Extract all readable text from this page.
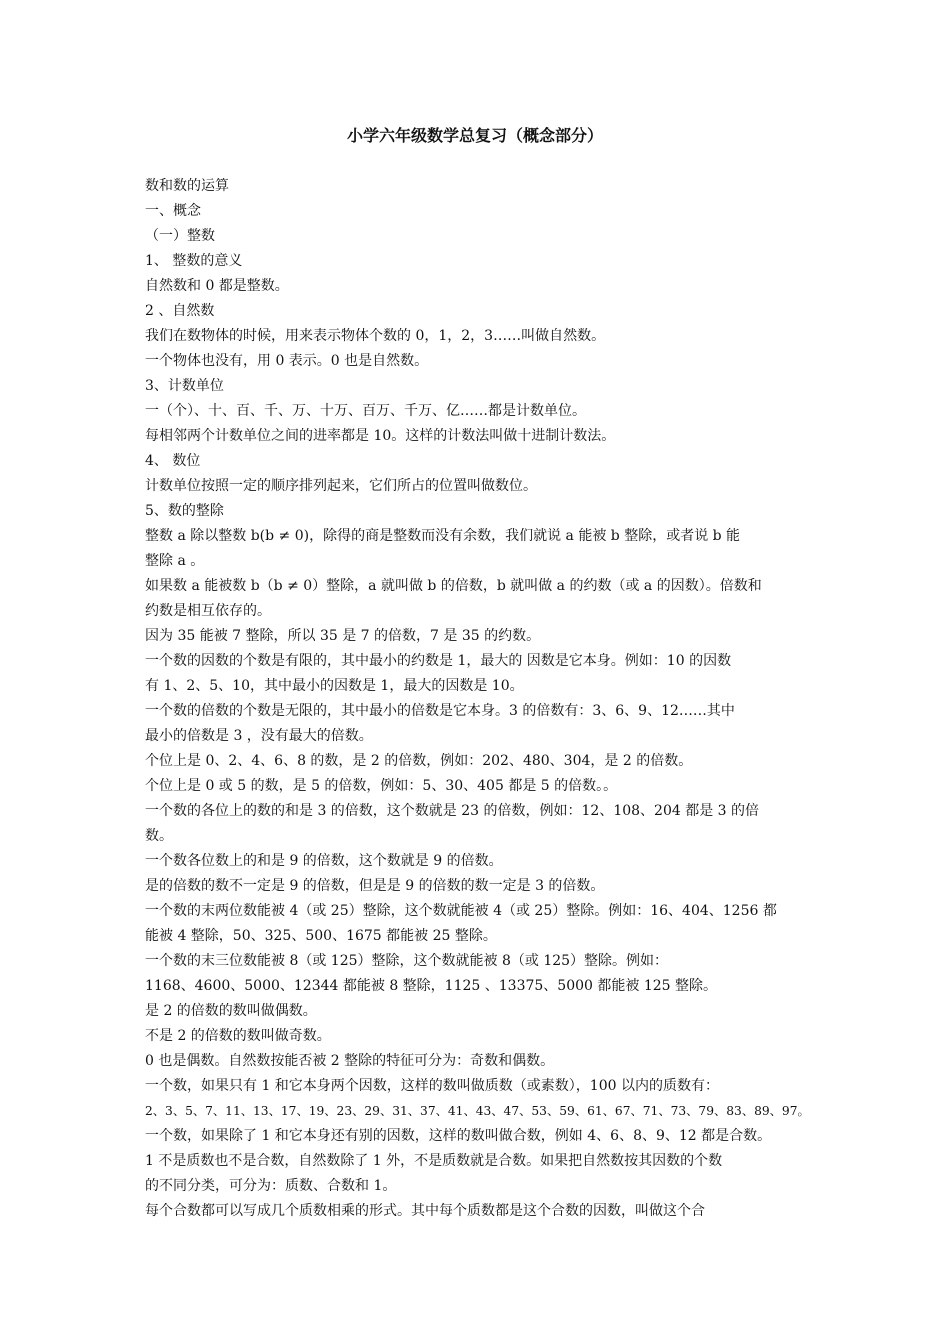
小学六年级数学总复习（概念部分）

数和数的运算

一、概念

（一）整数

1、 整数的意义

自然数和 0 都是整数。

2 、自然数

我们在数物体的时候，用来表示物体个数的 0，1，2，3……叫做自然数。

一个物体也没有，用 0 表示。0 也是自然数。

3、计数单位

一（个）、十、百、千、万、十万、百万、千万、亿……都是计数单位。

每相邻两个计数单位之间的进率都是 10。这样的计数法叫做十进制计数法。

4、 数位

计数单位按照一定的顺序排列起来，它们所占的位置叫做数位。

5、数的整除

整数 a 除以整数 b(b ≠ 0)，除得的商是整数而没有余数，我们就说 a 能被 b 整除，或者说 b 能

整除 a 。

如果数 a 能被数 b（b ≠ 0）整除，a 就叫做 b 的倍数，b 就叫做 a 的约数（或 a 的因数）。倍数和

约数是相互依存的。

因为 35 能被 7 整除，所以 35 是 7 的倍数，7 是 35 的约数。

一个数的因数的个数是有限的，其中最小的约数是 1，最大的 因数是它本身。例如：10 的因数

有 1、2、5、10，其中最小的因数是 1，最大的因数是 10。

一个数的倍数的个数是无限的，其中最小的倍数是它本身。3 的倍数有：3、6、9、12……其中

最小的倍数是 3 ，没有最大的倍数。

个位上是 0、2、4、6、8 的数，是 2 的倍数，例如：202、480、304，是 2 的倍数。

个位上是 0 或 5 的数，是 5 的倍数，例如：5、30、405 都是 5 的倍数。。

一个数的各位上的数的和是 3 的倍数，这个数就是 23 的倍数，例如：12、108、204 都是 3 的倍

数。

一个数各位数上的和是 9 的倍数，这个数就是 9 的倍数。

是的倍数的数不一定是 9 的倍数，但是是 9 的倍数的数一定是 3 的倍数。

一个数的末两位数能被 4（或 25）整除，这个数就能被 4（或 25）整除。例如：16、404、1256 都

能被 4 整除，50、325、500、1675 都能被 25 整除。

一个数的末三位数能被 8（或 125）整除，这个数就能被 8（或 125）整除。例如：

1168、4600、5000、12344 都能被 8 整除，1125 、13375、5000 都能被 125 整除。

是 2 的倍数的数叫做偶数。

不是 2 的倍数的数叫做奇数。

0 也是偶数。自然数按能否被 2 整除的特征可分为：奇数和偶数。

一个数，如果只有 1 和它本身两个因数，这样的数叫做质数（或素数），100 以内的质数有：

2、3、5、7、11、13、17、19、23、29、31、37、41、43、47、53、59、61、67、71、73、79、83、89、97。

一个数，如果除了 1 和它本身还有别的因数，这样的数叫做合数，例如 4、6、8、9、12 都是合数。

1 不是质数也不是合数，自然数除了 1 外，不是质数就是合数。如果把自然数按其因数的个数

的不同分类，可分为：质数、合数和 1。

每个合数都可以写成几个质数相乘的形式。其中每个质数都是这个合数的因数，叫做这个合
